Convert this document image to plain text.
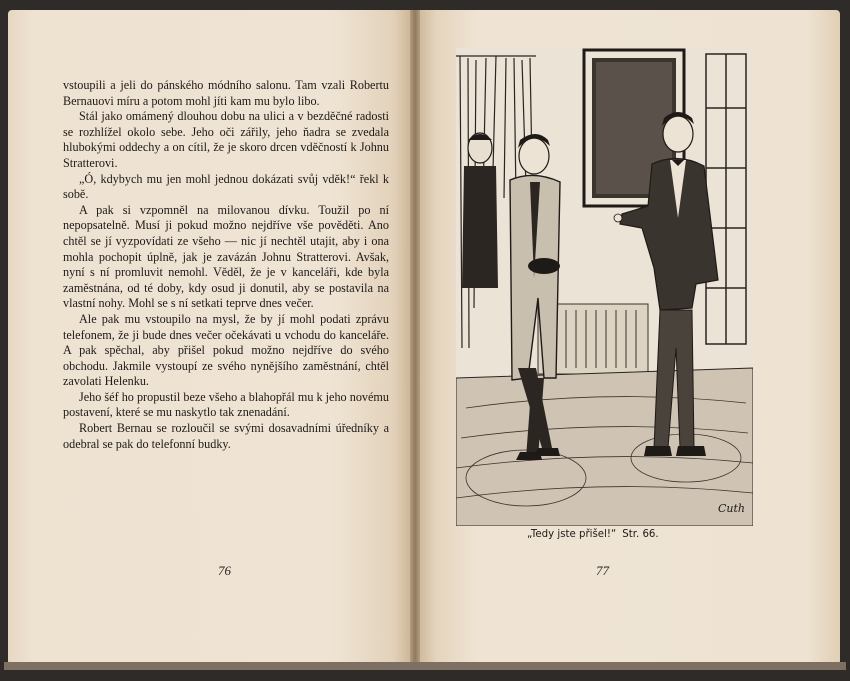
vstoupili a jeli do pánského módního salonu. Tam vzali Robertu Bernauovi míru a potom mohl jíti kam mu bylo libo.

Stál jako omámený dlouhou dobu na ulici a v bezděčné radosti se rozhlížel okolo sebe. Jeho oči zářily, jeho ňadra se zvedala hlubokými oddechy a on cítil, že je skoro drcen vděčností k Johnu Stratterovi.

„Ó, kdybych mu jen mohl jednou dokázati svůj vděk!“ řekl k sobě.

A pak si vzpomněl na milovanou dívku. Toužil po ní nepopsatelně. Musí ji pokud možno nejdříve vše pověděti. Ano chtěl se jí vyzpovídati ze všeho — nic jí nechtěl utajit, aby i ona mohla pochopit úplně, jak je zavázán Johnu Stratterovi. Avšak, nyní s ní promluvit nemohl. Věděl, že je v kanceláři, kde byla zaměstnána, od té doby, kdy osud ji donutil, aby se postavila na vlastní nohy. Mohl se s ní setkati teprve dnes večer.

Ale pak mu vstoupilo na mysl, že by jí mohl podati zprávu telefonem, že ji bude dnes večer očekávati u vchodu do kanceláře. A pak spěchal, aby přišel pokud možno nejdříve do svého obchodu. Jakmile vystoupí ze svého nynějšího zaměstnání, chtěl zavolati Helenku.

Jeho šéf ho propustil beze všeho a blahopřál mu k jeho novému postavení, které se mu naskytlo tak znenadání.

Robert Bernau se rozloučil se svými dosavadními úředníky a odebral se pak do telefonní budky.

76
Cuth
„Tedy jste přišel!“ Str. 66.
77
